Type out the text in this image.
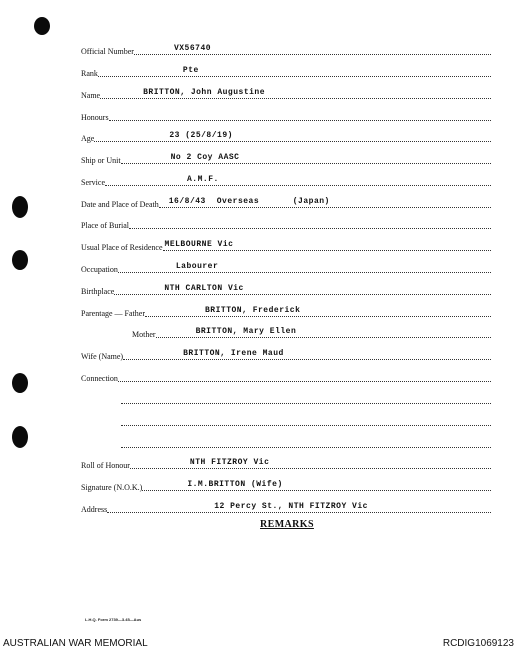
Official Number	VX56740
Rank	Pte
Name	BRITTON, John Augustine
Honours
Age	23 (25/8/19)
Ship or Unit	No 2 Coy AASC
Service	A.M.F.
Date and Place of Death 16/8/43 Overseas	(Japan)
Place of Burial
Usual Place of Residence MELBOURNE Vic
Occupation	Labourer
Birthplace	NTH CARLTON Vic
Parentage — Father	BRITTON, Frederick
Mother	BRITTON, Mary Ellen
Wife (Name)	BRITTON, Irene Maud
Connection
Roll of Honour	NTH FITZROY Vic
Signature (N.O.K.)	I.M.BRITTON (Wife)
Address	12 Percy St., NTH FITZROY Vic
REMARKS
L.H.Q. Form 2739—3.45—Aus
AUSTRALIAN WAR MEMORIAL	RCDIG1069123
